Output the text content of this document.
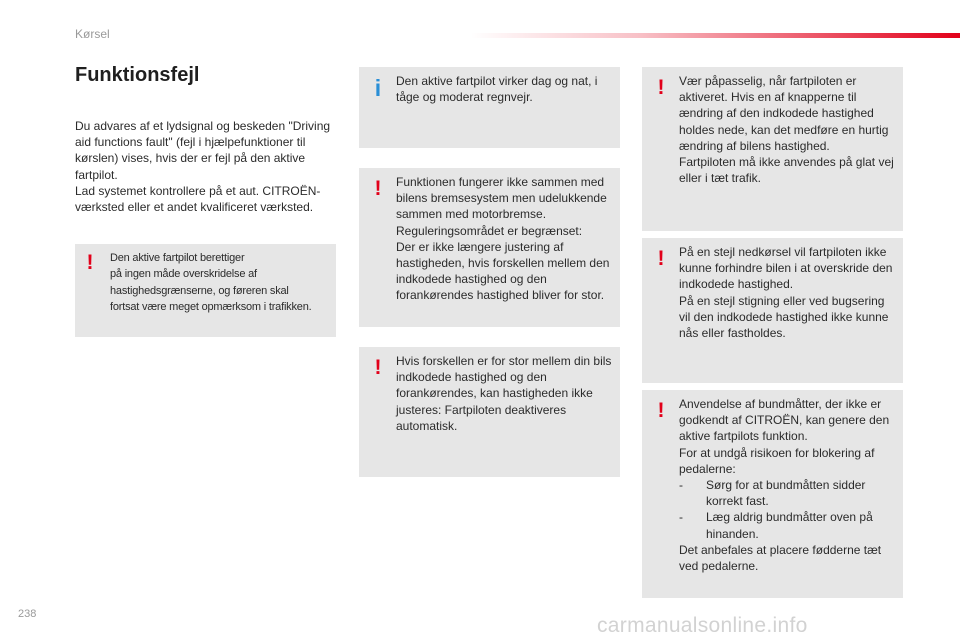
Kørsel
Funktionsfejl

Du advares af et lydsignal og beskeden "Driving aid functions fault" (fejl i hjælpefunktioner til kørslen) vises, hvis der er fejl på den aktive fartpilot.

Lad systemet kontrollere på et aut. CITROËN-værksted eller et andet kvalificeret værksted.

! Den aktive fartpilot berettiger

på ingen måde overskridelse af

hastighedsgrænserne, og føreren skal

fortsat være meget opmærksom i trafikken.

i Den aktive fartpilot virker dag og nat, i tåge og moderat regnvejr.

! Funktionen fungerer ikke sammen med bilens bremsesystem men udelukkende sammen med motorbremse.

Reguleringsområdet er begrænset:

Der er ikke længere justering af hastigheden, hvis forskellen mellem den indkodede hastighed og den forankørendes hastighed bliver for stor.

! Hvis forskellen er for stor mellem din bils indkodede hastighed og den forankørendes, kan hastigheden ikke justeres: Fartpiloten deaktiveres automatisk.

! Vær påpasselig, når fartpiloten er aktiveret. Hvis en af knapperne til ændring af den indkodede hastighed holdes nede, kan det medføre en hurtig ændring af bilens hastighed.

Fartpiloten må ikke anvendes på glat vej eller i tæt trafik.

! På en stejl nedkørsel vil fartpiloten ikke kunne forhindre bilen i at overskride den indkodede hastighed.

På en stejl stigning eller ved bugsering vil den indkodede hastighed ikke kunne nås eller fastholdes.

! Anvendelse af bundmåtter, der ikke er godkendt af CITROËN, kan genere den aktive fartpilots funktion.

For at undgå risikoen for blokering af pedalerne:

-	Sørg for at bundmåtten sidder korrekt fast.
-	Læg aldrig bundmåtter oven på hinanden.

Det anbefales at placere fødderne tæt ved pedalerne.

238	carmanualsonline.info
